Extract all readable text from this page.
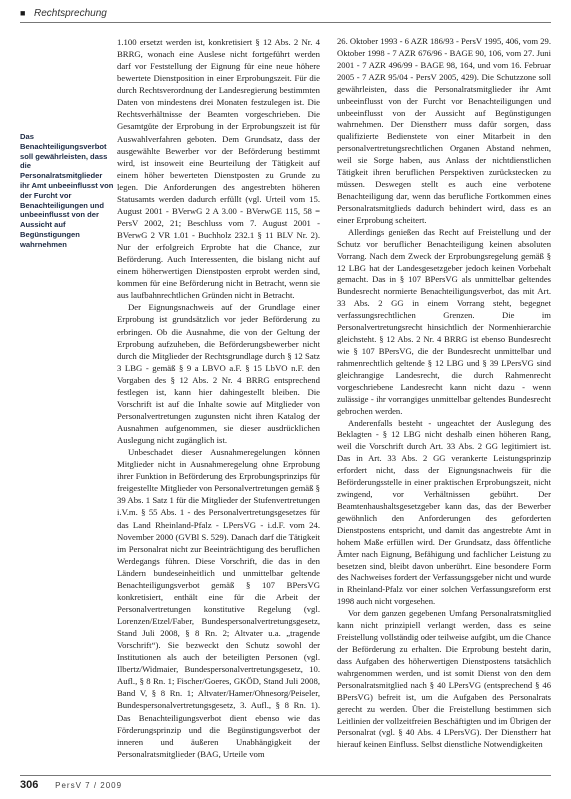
■ Rechtsprechung
Das Benachteiligungsverbot soll gewährleisten, dass die Personalratsmitglieder ihr Amt unbeeinflusst von der Furcht vor Benachteiligungen und unbeeinflusst von der Aussicht auf Begünstigungen wahrnehmen

1.100 ersetzt werden ist, konkretisiert § 12 Abs. 2 Nr. 4 BRRG, wonach eine Auslese nicht fortgeführt werden darf vor Feststellung der Eignung für eine neue höhere bewertete Dienstposition in einer Erprobungszeit. Für die durch Rechtsverordnung der Landesregierung bestimmten Daten von mindestens drei Monaten festzulegen ist. Die Rechtsverhältnisse der Beamten vorgeschrieben. Die Gesamtgüte der Erprobung in der Erprobungszeit ist für Auswahlverfahren geboten. Dem Grundsatz, dass der ausgewählte Bewerber vor der Beförderung bestimmt wird, ist insoweit eine Beurteilung der Tätigkeit auf einem höher bewerteten Dienstposten zu Grunde zu legen. Die Anforderungen des angestrebten höheren Statusamts werden dadurch erfüllt (vgl. Urteil vom 15. August 2001 - BVerwG 2 A 3.00 - BVerwGE 115, 58 = PersV 2002, 21; Beschluss vom 7. August 2001 - BVerwG 2 VR 1.01 - Buchholz 232.1 § 11 BLV Nr. 2). Nur der erfolgreich Erprobte hat die Chance, zur Beförderung. Auch Interessenten, die bislang nicht auf einem höherwertigen Dienstposten erprobt werden sind, kommen für eine Beförderung nicht in Betracht, wenn sie aus laufbahnrechtlichen Gründen nicht in Betracht.

Der Eignungsnachweis auf der Grundlage einer Erprobung ist grundsätzlich vor jeder Beförderung zu erbringen. Ob die Ausnahme, die von der Geltung der Erprobung aufzuheben, die Beförderungsbewerber nicht durch die Mitglieder der Rechtsgrundlage durch § 12 Satz 3 LBG - gemäß § 9 a LBVO a.F. § 15 LbVO n.F. den Vorgaben des § 12 Abs. 2 Nr. 4 BRRG entsprechend festlegen ist, kann hier dahingestellt bleiben. Die Vorschrift ist auf die Inhalte sowie auf Mitglieder von Personalvertretungen zugunsten nicht ihren Katalog der Ausnahmen aufgenommen, sie dieser ausdrücklichen Auslegung nicht zugänglich ist.

Unbeschadet dieser Ausnahmeregelungen können Mitglieder nicht in Ausnahmeregelung ohne Erprobung ihrer Funktion in Beförderung des Erprobungsprinzips für freigestellte Mitglieder von Personalvertretungen gemäß § 39 Abs. 1 Satz 1 für die Mitglieder der Stufenvertretungen i.V.m. § 55 Abs. 1 - des Personalvertretungsgesetzes für das Land Rheinland-Pfalz - LPersVG - i.d.F. vom 24. November 2000 (GVBl S. 529). Danach darf die Tätigkeit im Personalrat nicht zur Beeinträchtigung des beruflichen Werdegangs führen. Diese Vorschrift, die das in den Ländern bundeseinheitlich und unmittelbar geltende Benachteiligungsverbot gemäß § 107 BPersVG konkretisiert, enthält eine für die Arbeit der Personalvertretungen konstitutive Regelung (vgl. Lorenzen/Etzel/Faber, Bundespersonalvertretungsgesetz, Stand Juli 2008, § 8 Rn. 2; Altvater u.a. „tragende Vorschrift“). Sie bezweckt den Schutz sowohl der Institutionen als auch der beteiligten Personen (vgl. Ilbertz/Widmaier, Bundespersonalvertretungsgesetz, 10. Aufl., § 8 Rn. 1; Fischer/Goeres, GKÖD, Stand Juli 2008, Band V, § 8 Rn. 1; Altvater/Hamer/Ohnesorg/Peiseler, Bundespersonalvertretungsgesetz, 3. Aufl., § 8 Rn. 1). Das Benachteiligungsverbot dient ebenso wie das Förderungsprinzip und die Begünstigungsverbot der inneren und äußeren Unabhängigkeit der Personalratsmitglieder (BAG, Urteile vom

26. Oktober 1993 - 6 AZR 186/93 - PersV 1995, 406, vom 29. Oktober 1998 - 7 AZR 676/96 - BAGE 90, 106, vom 27. Juni 2001 - 7 AZR 496/99 - BAGE 98, 164, und vom 16. Februar 2005 - 7 AZR 95/04 - PersV 2005, 429). Die Schutzzone soll gewährleisten, dass die Personalratsmitglieder ihr Amt unbeeinflusst von der Furcht vor Benachteiligungen und unbeeinflusst von der Aussicht auf Begünstigungen wahrnehmen. Der Dienstherr muss dafür sorgen, dass qualifizierte Bedienstete von einer Mitarbeit in den personalvertretungsrechtlichen Organen Abstand nehmen, weil sie Sorge haben, aus Anlass der nichtdienstlichen Tätigkeit ihren beruflichen Perspektiven zurückstecken zu müssen. Deswegen stellt es auch eine verbotene Benachteiligung dar, wenn das berufliche Fortkommen eines Personalratsmitglieds dadurch behindert wird, dass es an einer Erprobung scheitert.

Allerdings genießen das Recht auf Freistellung und der Schutz vor beruflicher Benachteiligung keinen absoluten Vorrang. Nach dem Zweck der Erprobungsregelung gemäß § 12 LBG hat der Landesgesetzgeber jedoch keinen Vorbehalt gemacht. Das in § 107 BPersVG als unmittelbar geltendes Bundesrecht normierte Benachteiligungsverbot, das mit Art. 33 Abs. 2 GG in einem Vorrang steht, begegnet verfassungsrechtlichen Grenzen. Die im Personalvertretungsrecht hinsichtlich der Normenhierarchie gleichsteht. § 12 Abs. 2 Nr. 4 BRRG ist ebenso Bundesrecht wie § 107 BPersVG, die der Bundesrecht unmittelbar und rahmenrechtlich geltende § 12 LBG und § 39 LPersVG sind gleichrangige Landesrecht, die durch Rahmenrecht vorgeschriebene Landesrecht kann nicht dazu - wenn zulässige - ihr vorrangiges unmittelbar geltendes Bundesrecht gebrochen werden.

Anderenfalls besteht - ungeachtet der Auslegung des Beklagten - § 12 LBG nicht deshalb einen höheren Rang, weil die Vorschrift durch Art. 33 Abs. 2 GG legitimiert ist. Das in Art. 33 Abs. 2 GG verankerte Leistungsprinzip erfordert nicht, dass der Eignungsnachweis für die Beförderungsstelle in einer praktischen Erprobungszeit, nicht zwingend, vor Verhältnissen gebührt. Der Beamtenhaushaltsgesetzgeber kann das, das der Bewerber gewöhnlich den Anforderungen des geforderten Dienstpostens entspricht, und damit das angestrebte Amt in hohem Maße erfüllen wird. Der Grundsatz, dass öffentliche Ämter nach Eignung, Befähigung und fachlicher Leistung zu besetzen sind, bleibt davon unberührt. Eine besondere Form des Nachweises fordert der Verfassungsgeber nicht und wurde in Rheinland-Pfalz vor einer solchen Verfassungsreform erst 1998 auch nicht vorgesehen.

Vor dem ganzen gegebenen Umfang Personalratsmitglied kann nicht prinzipiell verlangt werden, dass es seine Freistellung vollständig oder teilweise aufgibt, um die Chance der Beförderung zu erhalten. Die Erprobung besteht darin, dass Aufgaben des höherwertigen Dienstpostens tatsächlich wahrgenommen werden, und ist somit Dienst von den dem Personalratsmitglied nach § 40 LPersVG (entsprechend § 46 BPersVG) befreit ist, um die Aufgaben des Personalrats gerecht zu werden. Über die Freistellung bestimmen sich Leitlinien der vollzeitfreien Beschäftigten und im Übrigen der Personalrat (vgl. § 40 Abs. 4 LPersVG). Der Dienstherr hat hierauf keinen Einfluss. Selbst dienstliche Notwendigkeiten

306 PersV 7 / 2009
